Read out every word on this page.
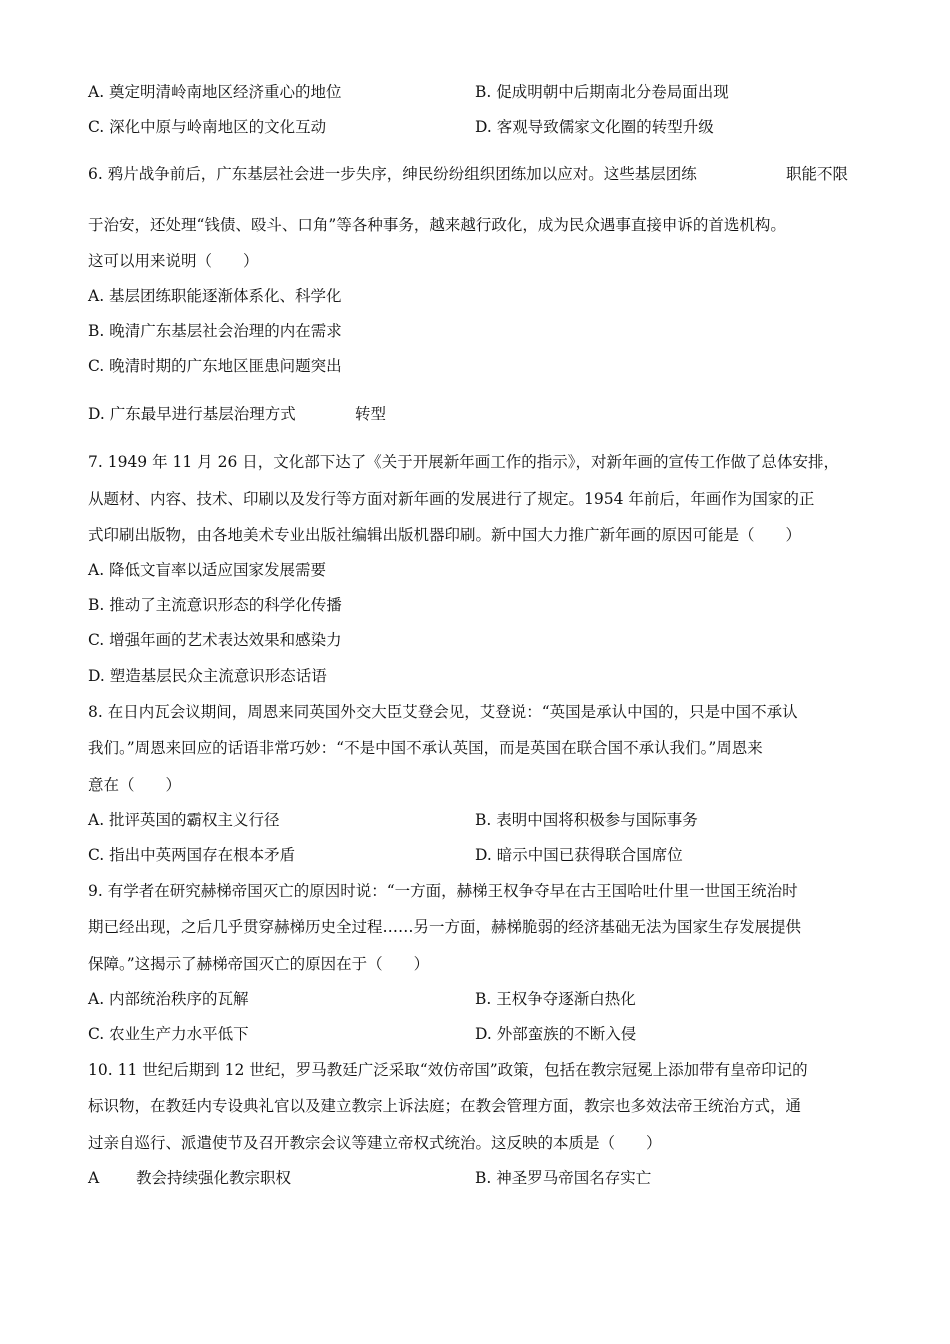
A. 奠定明清岭南地区经济重心的地位	B. 促成明朝中后期南北分卷局面出现
C. 深化中原与岭南地区的文化互动	D. 客观导致儒家文化圈的转型升级
6. 鸦片战争前后，广东基层社会进一步失序，绅民纷纷组织团练加以应对。这些基层团练	职能不限
于治安，还处理“钱债、殴斗、口角”等各种事务，越来越行政化，成为民众遇事直接申诉的首选机构。
这可以用来说明（　　）
A. 基层团练职能逐渐体系化、科学化
B. 晚清广东基层社会治理的内在需求
C. 晚清时期的广东地区匪患问题突出
D. 广东最早进行基层治理方式	转型
7. 1949 年 11 月 26 日，文化部下达了《关于开展新年画工作的指示》，对新年画的宣传工作做了总体安排，
从题材、内容、技术、印刷以及发行等方面对新年画的发展进行了规定。1954 年前后，年画作为国家的正
式印刷出版物，由各地美术专业出版社编辑出版机器印刷。新中国大力推广新年画的原因可能是（　　）
A. 降低文盲率以适应国家发展需要
B. 推动了主流意识形态的科学化传播
C. 增强年画的艺术表达效果和感染力
D. 塑造基层民众主流意识形态话语
8. 在日内瓦会议期间，周恩来同英国外交大臣艾登会见，艾登说：“英国是承认中国的，只是中国不承认
我们。”周恩来回应的话语非常巧妙：“不是中国不承认英国，而是英国在联合国不承认我们。”周恩来
意在（　　）
A. 批评英国的霸权主义行径	B. 表明中国将积极参与国际事务
C. 指出中英两国存在根本矛盾	D. 暗示中国已获得联合国席位
9. 有学者在研究赫梯帝国灭亡的原因时说：“一方面，赫梯王权争夺早在古王国哈吐什里一世国王统治时
期已经出现，之后几乎贯穿赫梯历史全过程……另一方面，赫梯脆弱的经济基础无法为国家生存发展提供
保障。”这揭示了赫梯帝国灭亡的原因在于（　　）
A. 内部统治秩序的瓦解	B. 王权争夺逐渐白热化
C. 农业生产力水平低下	D. 外部蛮族的不断入侵
10. 11 世纪后期到 12 世纪，罗马教廷广泛采取“效仿帝国”政策，包括在教宗冠冕上添加带有皇帝印记的
标识物，在教廷内专设典礼官以及建立教宗上诉法庭；在教会管理方面，教宗也多效法帝王统治方式，通
过亲自巡行、派遣使节及召开教宗会议等建立帝权式统治。这反映的本质是（　　）
A 教会持续强化教宗职权	B. 神圣罗马帝国名存实亡
